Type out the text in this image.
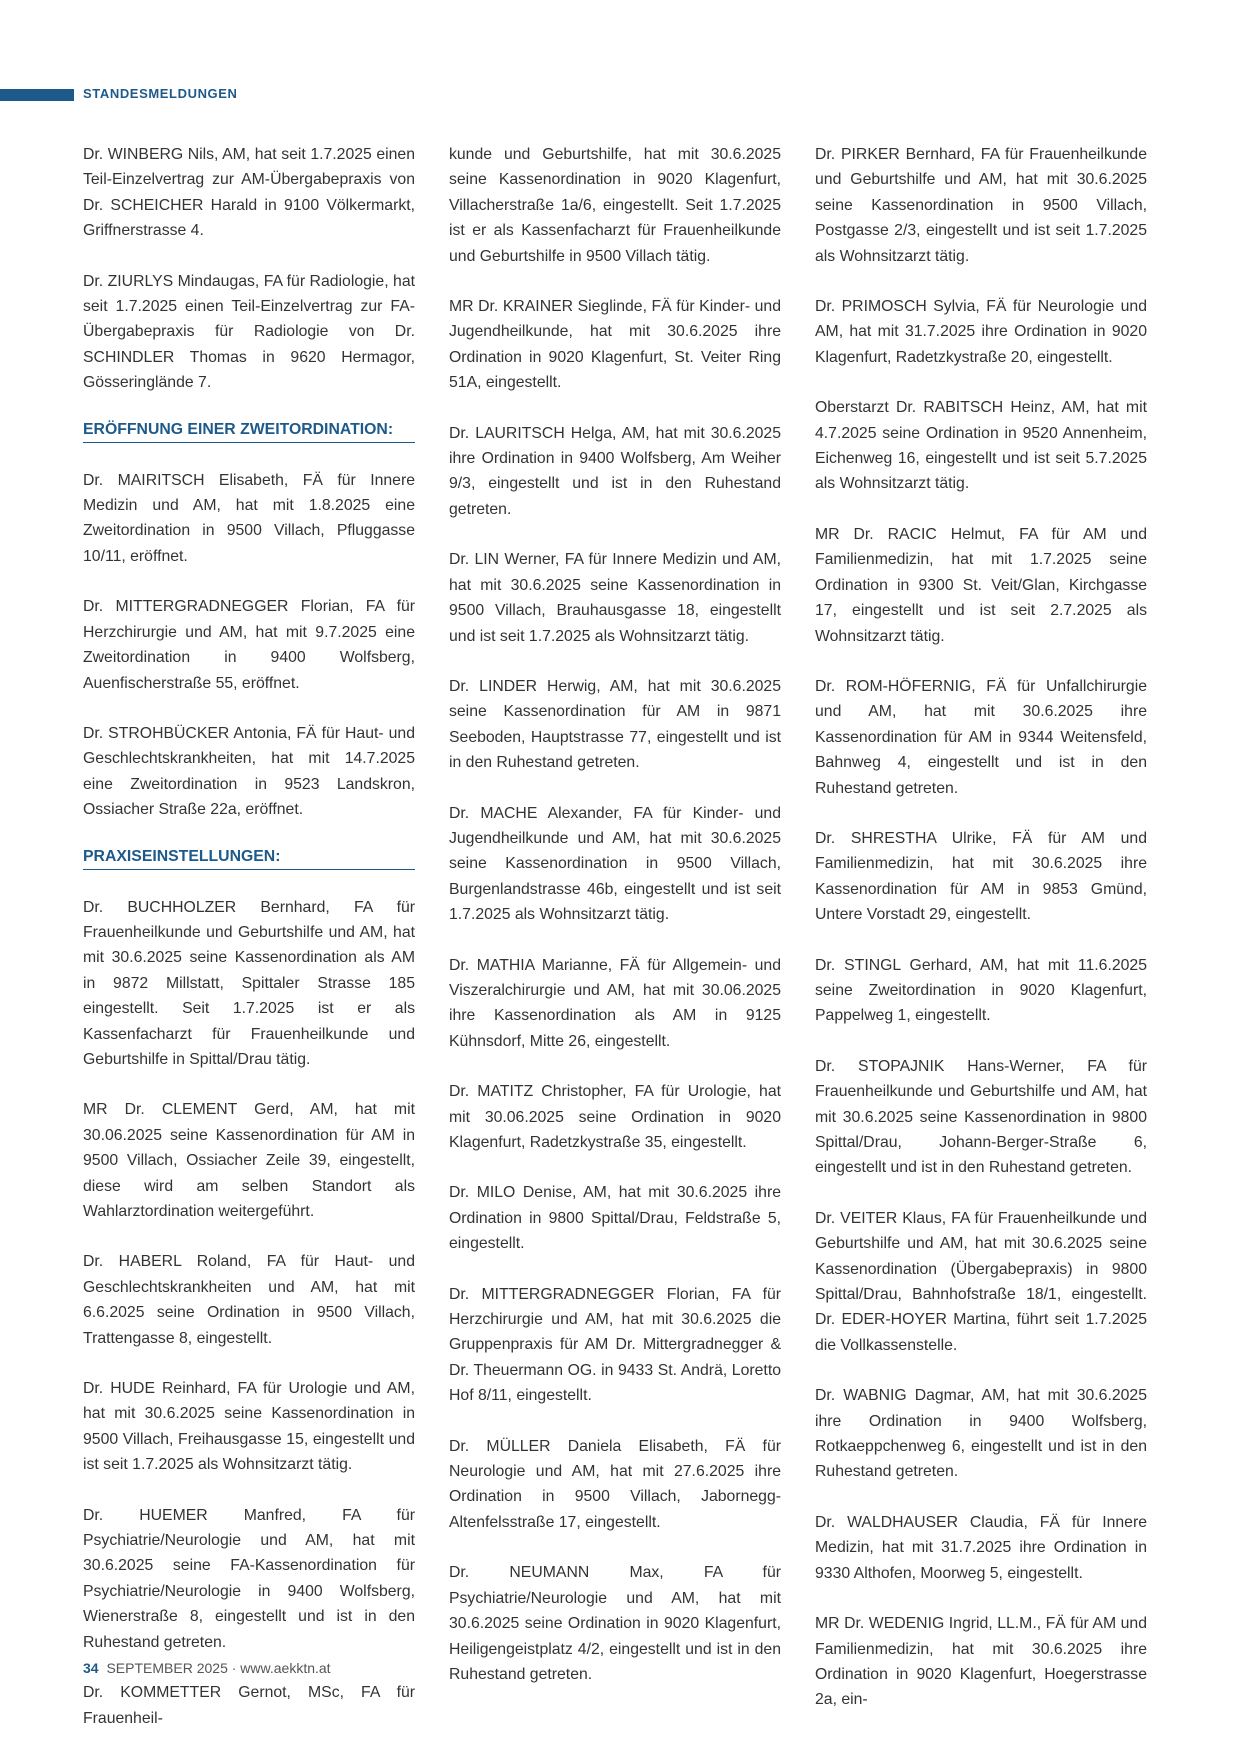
STANDESMELDUNGEN

Dr. WINBERG Nils, AM, hat seit 1.7.2025 einen Teil-Einzelvertrag zur AM-Übergabepraxis von Dr. SCHEICHER Harald in 9100 Völkermarkt, Griffnerstrasse 4.

Dr. ZIURLYS Mindaugas, FA für Radiologie, hat seit 1.7.2025 einen Teil-Einzelvertrag zur FA-Übergabepraxis für Radiologie von Dr. SCHINDLER Thomas in 9620 Hermagor, Gösseringlände 7.

ERÖFFNUNG EINER ZWEITORDINATION:

Dr. MAIRITSCH Elisabeth, FÄ für Innere Medizin und AM, hat mit 1.8.2025 eine Zweitordination in 9500 Villach, Pfluggasse 10/11, eröffnet.

Dr. MITTERGRADNEGGER Florian, FA für Herzchirurgie und AM, hat mit 9.7.2025 eine Zweitordination in 9400 Wolfsberg, Auenfischerstraße 55, eröffnet.

Dr. STROHBÜCKER Antonia, FÄ für Haut- und Geschlechtskrankheiten, hat mit 14.7.2025 eine Zweitordination in 9523 Landskron, Ossiacher Straße 22a, eröffnet.

PRAXISEINSTELLUNGEN:

Dr. BUCHHOLZER Bernhard, FA für Frauenheilkunde und Geburtshilfe und AM, hat mit 30.6.2025 seine Kassenordination als AM in 9872 Millstatt, Spittaler Strasse 185 eingestellt. Seit 1.7.2025 ist er als Kassenfacharzt für Frauenheilkunde und Geburtshilfe in Spittal/Drau tätig.

MR Dr. CLEMENT Gerd, AM, hat mit 30.06.2025 seine Kassenordination für AM in 9500 Villach, Ossiacher Zeile 39, eingestellt, diese wird am selben Standort als Wahlarztordination weitergeführt.

Dr. HABERL Roland, FA für Haut- und Geschlechtskrankheiten und AM, hat mit 6.6.2025 seine Ordination in 9500 Villach, Trattengasse 8, eingestellt.

Dr. HUDE Reinhard, FA für Urologie und AM, hat mit 30.6.2025 seine Kassenordination in 9500 Villach, Freihausgasse 15, eingestellt und ist seit 1.7.2025 als Wohnsitzarzt tätig.

Dr. HUEMER Manfred, FA für Psychiatrie/Neurologie und AM, hat mit 30.6.2025 seine FA-Kassenordination für Psychiatrie/Neurologie in 9400 Wolfsberg, Wienerstraße 8, eingestellt und ist in den Ruhestand getreten.

Dr. KOMMETTER Gernot, MSc, FA für Frauenheil-

kunde und Geburtshilfe, hat mit 30.6.2025 seine Kassenordination in 9020 Klagenfurt, Villacherstraße 1a/6, eingestellt. Seit 1.7.2025 ist er als Kassenfacharzt für Frauenheilkunde und Geburtshilfe in 9500 Villach tätig.

MR Dr. KRAINER Sieglinde, FÄ für Kinder- und Jugendheilkunde, hat mit 30.6.2025 ihre Ordination in 9020 Klagenfurt, St. Veiter Ring 51A, eingestellt.

Dr. LAURITSCH Helga, AM, hat mit 30.6.2025 ihre Ordination in 9400 Wolfsberg, Am Weiher 9/3, eingestellt und ist in den Ruhestand getreten.

Dr. LIN Werner, FA für Innere Medizin und AM, hat mit 30.6.2025 seine Kassenordination in 9500 Villach, Brauhausgasse 18, eingestellt und ist seit 1.7.2025 als Wohnsitzarzt tätig.

Dr. LINDER Herwig, AM, hat mit 30.6.2025 seine Kassenordination für AM in 9871 Seeboden, Hauptstrasse 77, eingestellt und ist in den Ruhestand getreten.

Dr. MACHE Alexander, FA für Kinder- und Jugendheilkunde und AM, hat mit 30.6.2025 seine Kassenordination in 9500 Villach, Burgenlandstrasse 46b, eingestellt und ist seit 1.7.2025 als Wohnsitzarzt tätig.

Dr. MATHIA Marianne, FÄ für Allgemein- und Viszeralchirurgie und AM, hat mit 30.06.2025 ihre Kassenordination als AM in 9125 Kühnsdorf, Mitte 26, eingestellt.

Dr. MATITZ Christopher, FA für Urologie, hat mit 30.06.2025 seine Ordination in 9020 Klagenfurt, Radetzkystraße 35, eingestellt.

Dr. MILO Denise, AM, hat mit 30.6.2025 ihre Ordination in 9800 Spittal/Drau, Feldstraße 5, eingestellt.

Dr. MITTERGRADNEGGER Florian, FA für Herzchirurgie und AM, hat mit 30.6.2025 die Gruppenpraxis für AM Dr. Mittergradnegger & Dr. Theuermann OG. in 9433 St. Andrä, Loretto Hof 8/11, eingestellt.

Dr. MÜLLER Daniela Elisabeth, FÄ für Neurologie und AM, hat mit 27.6.2025 ihre Ordination in 9500 Villach, Jabornegg-Altenfelsstraße 17, eingestellt.

Dr. NEUMANN Max, FA für Psychiatrie/Neurologie und AM, hat mit 30.6.2025 seine Ordination in 9020 Klagenfurt, Heiligengeistplatz 4/2, eingestellt und ist in den Ruhestand getreten.

Dr. PIRKER Bernhard, FA für Frauenheilkunde und Geburtshilfe und AM, hat mit 30.6.2025 seine Kassenordination in 9500 Villach, Postgasse 2/3, eingestellt und ist seit 1.7.2025 als Wohnsitzarzt tätig.

Dr. PRIMOSCH Sylvia, FÄ für Neurologie und AM, hat mit 31.7.2025 ihre Ordination in 9020 Klagenfurt, Radetzkystraße 20, eingestellt.

Oberstarzt Dr. RABITSCH Heinz, AM, hat mit 4.7.2025 seine Ordination in 9520 Annenheim, Eichenweg 16, eingestellt und ist seit 5.7.2025 als Wohnsitzarzt tätig.

MR Dr. RACIC Helmut, FA für AM und Familienmedizin, hat mit 1.7.2025 seine Ordination in 9300 St. Veit/Glan, Kirchgasse 17, eingestellt und ist seit 2.7.2025 als Wohnsitzarzt tätig.

Dr. ROM-HÖFERNIG, FÄ für Unfallchirurgie und AM, hat mit 30.6.2025 ihre Kassenordination für AM in 9344 Weitensfeld, Bahnweg 4, eingestellt und ist in den Ruhestand getreten.

Dr. SHRESTHA Ulrike, FÄ für AM und Familienmedizin, hat mit 30.6.2025 ihre Kassenordination für AM in 9853 Gmünd, Untere Vorstadt 29, eingestellt.

Dr. STINGL Gerhard, AM, hat mit 11.6.2025 seine Zweitordination in 9020 Klagenfurt, Pappelweg 1, eingestellt.

Dr. STOPAJNIK Hans-Werner, FA für Frauenheilkunde und Geburtshilfe und AM, hat mit 30.6.2025 seine Kassenordination in 9800 Spittal/Drau, Johann-Berger-Straße 6, eingestellt und ist in den Ruhestand getreten.

Dr. VEITER Klaus, FA für Frauenheilkunde und Geburtshilfe und AM, hat mit 30.6.2025 seine Kassenordination (Übergabepraxis) in 9800 Spittal/Drau, Bahnhofstraße 18/1, eingestellt. Dr. EDER-HOYER Martina, führt seit 1.7.2025 die Vollkassenstelle.

Dr. WABNIG Dagmar, AM, hat mit 30.6.2025 ihre Ordination in 9400 Wolfsberg, Rotkaeppchenweg 6, eingestellt und ist in den Ruhestand getreten.

Dr. WALDHAUSER Claudia, FÄ für Innere Medizin, hat mit 31.7.2025 ihre Ordination in 9330 Althofen, Moorweg 5, eingestellt.

MR Dr. WEDENIG Ingrid, LL.M., FÄ für AM und Familienmedizin, hat mit 30.6.2025 ihre Ordination in 9020 Klagenfurt, Hoegerstrasse 2a, ein-

34 SEPTEMBER 2025 · www.aekktn.at
